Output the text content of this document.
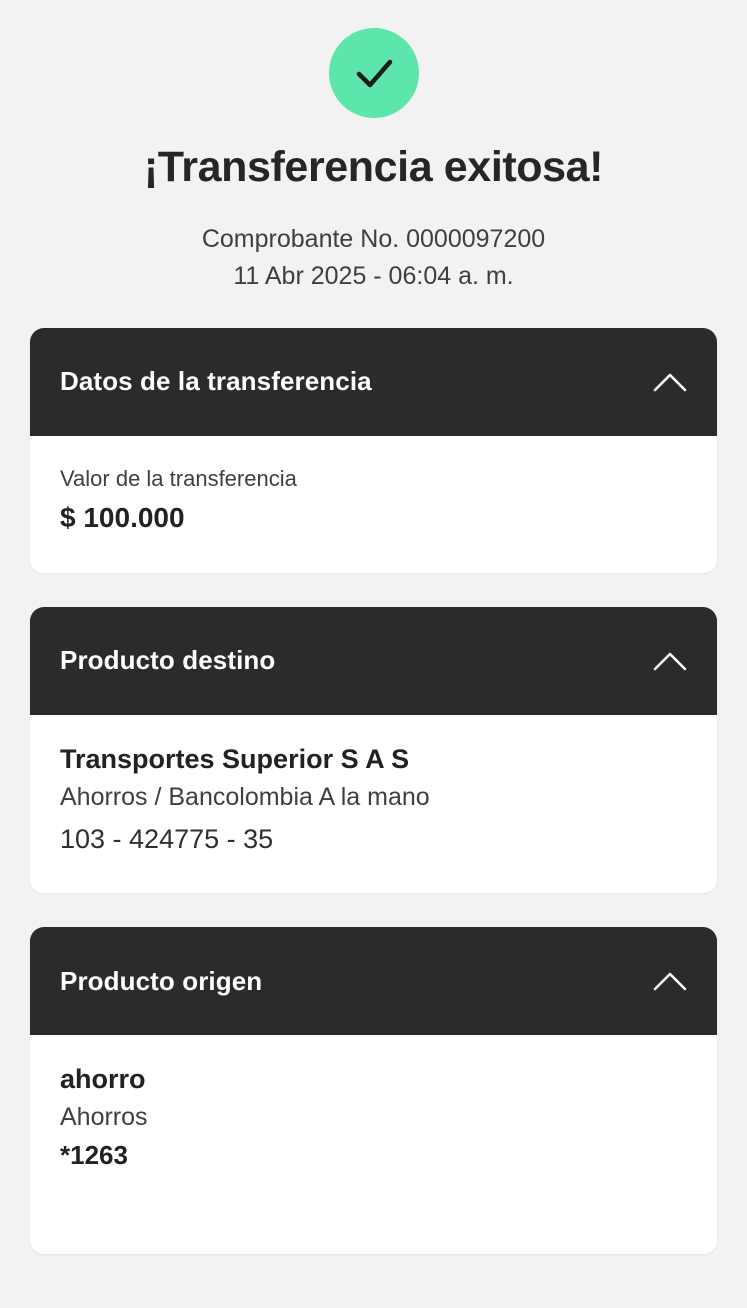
¡Transferencia exitosa!
Comprobante No. 0000097200
11 Abr 2025 - 06:04 a. m.
Datos de la transferencia
Valor de la transferencia
$ 100.000
Producto destino
Transportes Superior S A S
Ahorros / Bancolombia A la mano
103 - 424775 - 35
Producto origen
ahorro
Ahorros
*1263
